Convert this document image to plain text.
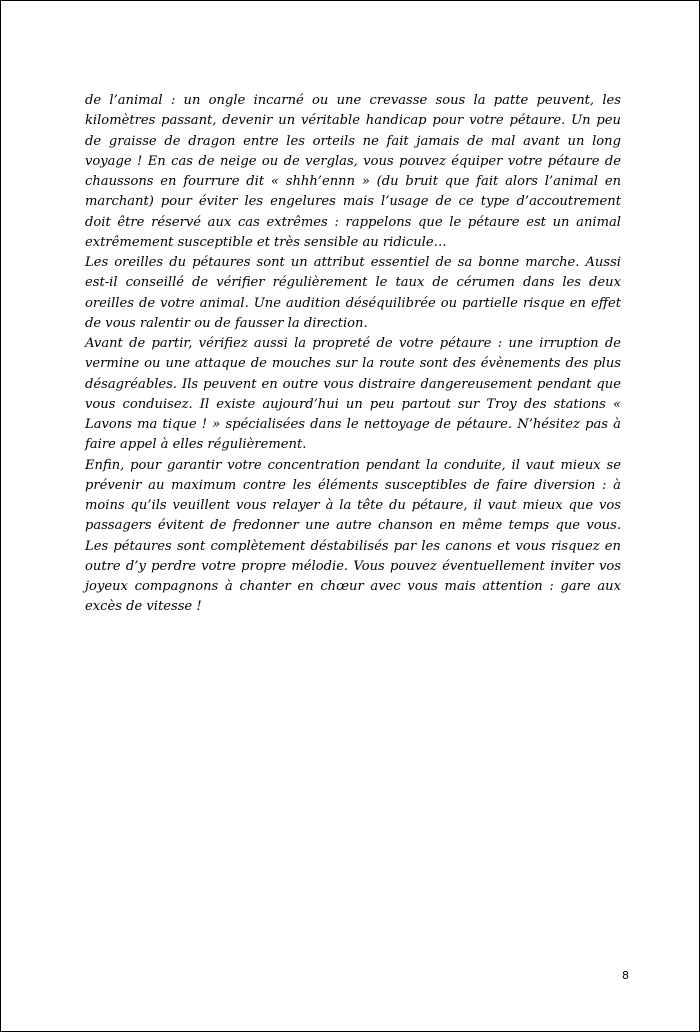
de l’animal : un ongle incarné ou une crevasse sous la patte peuvent, les kilomètres passant, devenir un véritable handicap pour votre pétaure. Un peu de graisse de dragon entre les orteils ne fait jamais de mal avant un long voyage ! En cas de neige ou de verglas, vous pouvez équiper votre pétaure de chaussons en fourrure dit « shhh’ennn » (du bruit que fait alors l’animal en marchant) pour éviter les engelures mais l’usage de ce type d’accoutrement doit être réservé aux cas extrêmes : rappelons que le pétaure est un animal extrêmement susceptible et très sensible au ridicule…

Les oreilles du pétaures sont un attribut essentiel de sa bonne marche. Aussi est-il conseillé de vérifier régulièrement le taux de cérumen dans les deux oreilles de votre animal. Une audition déséquilibrée ou partielle risque en effet de vous ralentir ou de fausser la direction.

Avant de partir, vérifiez aussi la propreté de votre pétaure : une irruption de vermine ou une attaque de mouches sur la route sont des évènements des plus désagréables. Ils peuvent en outre vous distraire dangereusement pendant que vous conduisez. Il existe aujourd’hui un peu partout sur Troy des stations « Lavons ma tique ! » spécialisées dans le nettoyage de pétaure. N’hésitez pas à faire appel à elles régulièrement.

Enfin, pour garantir votre concentration pendant la conduite, il vaut mieux se prévenir au maximum contre les éléments susceptibles de faire diversion : à moins qu’ils veuillent vous relayer à la tête du pétaure, il vaut mieux que vos passagers évitent de fredonner une autre chanson en même temps que vous. Les pétaures sont complètement déstabilisés par les canons et vous risquez en outre d’y perdre votre propre mélodie. Vous pouvez éventuellement inviter vos joyeux compagnons à chanter en chœur avec vous mais attention : gare aux excès de vitesse !

8
